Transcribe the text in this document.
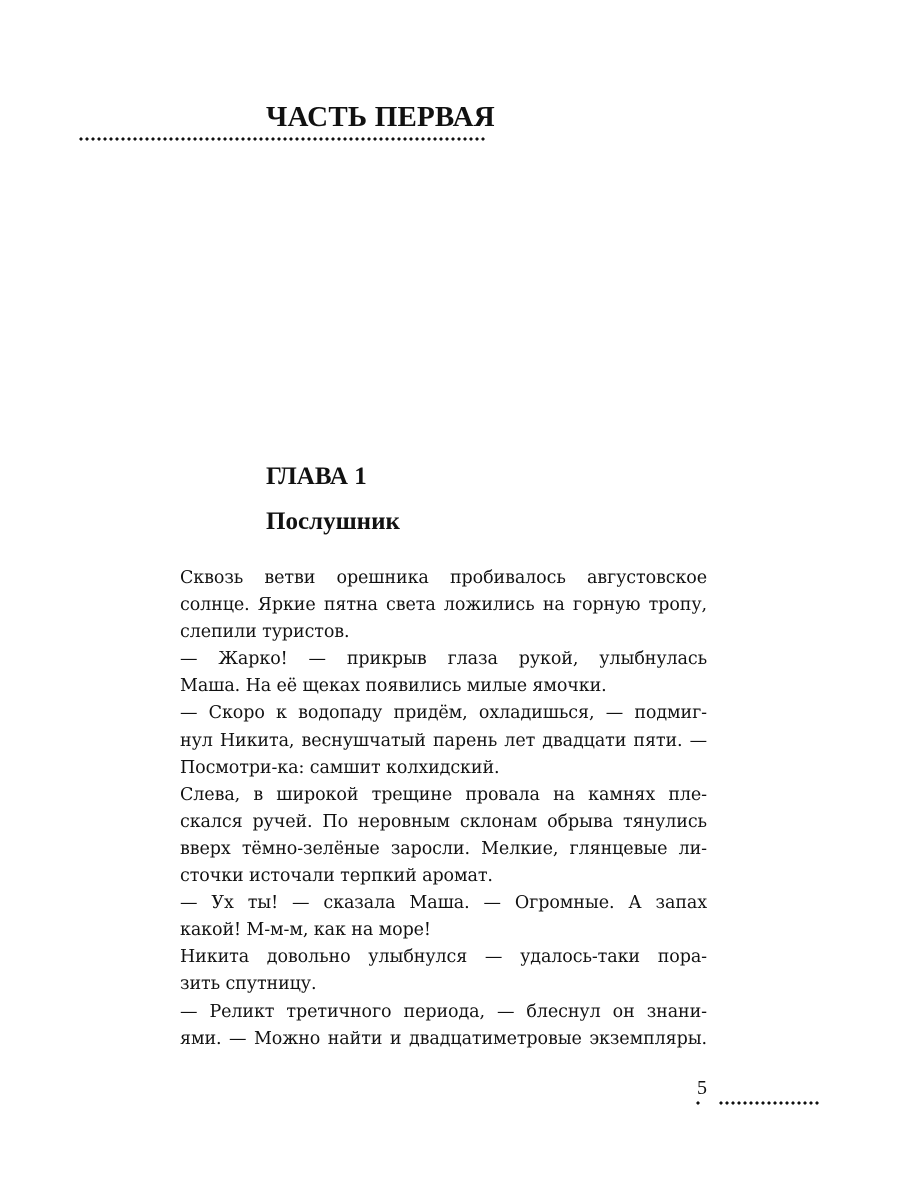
ЧАСТЬ ПЕРВАЯ
ГЛАВА 1
Послушник
Сквозь ветви орешника пробивалось августовское
солнце. Яркие пятна света ложились на горную тропу,
слепили туристов.
— Жарко! — прикрыв глаза рукой, улыбнулась
Маша. На её щеках появились милые ямочки.
— Скоро к водопаду придём, охладишься, — подмиг-
нул Никита, веснушчатый парень лет двадцати пяти. —
Посмотри-ка: самшит колхидский.
Слева, в широкой трещине провала на камнях пле-
скался ручей. По неровным склонам обрыва тянулись
вверх тёмно-зелёные заросли. Мелкие, глянцевые ли-
сточки источали терпкий аромат.
— Ух ты! — сказала Маша. — Огромные. А запах
какой! М-м-м, как на море!
Никита довольно улыбнулся — удалось-таки пора-
зить спутницу.
— Реликт третичного периода, — блеснул он знани-
ями. — Можно найти и двадцатиметровые экземпляры.
5
